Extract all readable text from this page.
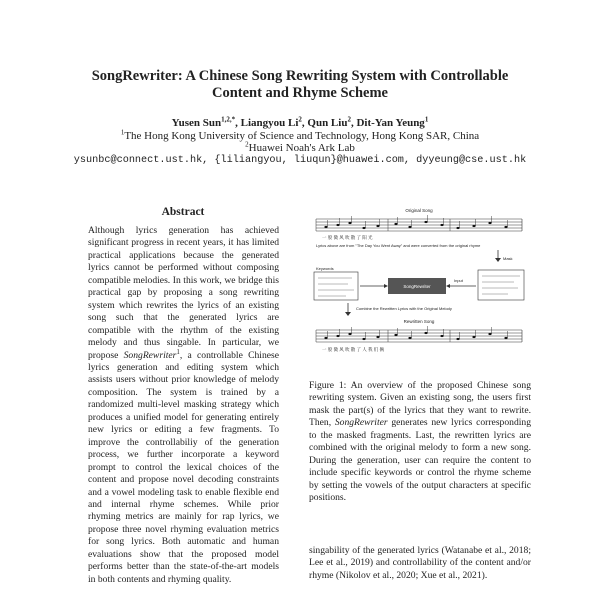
SongRewriter: A Chinese Song Rewriting System with Controllable
Content and Rhyme Scheme
Yusen Sun$^{1,2,*}$, Liangyou Li$^2$, Qun Liu$^2$, Dit-Yan Yeung$^1$
$^1$The Hong Kong University of Science and Technology, Hong Kong SAR, China
$^2$Huawei Noah's Ark Lab
ysunbc@connect.ust.hk, {liliangyou, liuqun}@huawei.com, dyyeung@cse.ust.hk
Abstract

Although lyrics generation has achieved significant progress in recent years, it has limited practical applications because the generated lyrics cannot be performed without composing compatible melodies. In this work, we bridge this practical gap by proposing a song rewriting system which rewrites the lyrics of an existing song such that the generated lyrics are compatible with the rhythm of the existing melody and thus singable. In particular, we propose SongRewriter$^1$, a controllable Chinese lyrics generation and editing system which assists users without prior knowledge of melody composition. The system is trained by a randomized multi-level masking strategy which produces a unified model for generating entirely new lyrics or editing a few fragments. To improve the controllabiliy of the generation process, we further incorporate a keyword prompt to control the lexical choices of the content and propose novel decoding constraints and a vowel modeling task to enable flexible end and internal rhyme schemes. While prior rhyming metrics are mainly for rap lyrics, we propose three novel rhyming evaluation metrics for song lyrics. Both automatic and human evaluations show that the proposed model performs better than the state-of-the-art models in both contents and rhyming quality.

Original Song
一 股 微 风 吹 散 了 阳 光
Lyrics above are from "The Day You Went Away" and were converted from the original rhyme
Mask
Keywords
SongRewriter
Input
Combine the Rewritten Lyrics with the Original Melody
Rewritten Song
一 股 微 风 吹 散 了 人 我 们 俩

Figure 1: An overview of the proposed Chinese song rewriting system. Given an existing song, the users first mask the part(s) of the lyrics that they want to rewrite. Then, SongRewriter generates new lyrics corresponding to the masked fragments. Last, the rewritten lyrics are combined with the original melody to form a new song. During the generation, user can require the content to include specific keywords or control the rhyme scheme by setting the vowels of the output characters at specific positions.

singability of the generated lyrics (Watanabe et al., 2018; Lee et al., 2019) and controllability of the content and/or rhyme (Nikolov et al., 2020; Xue et al., 2021).
